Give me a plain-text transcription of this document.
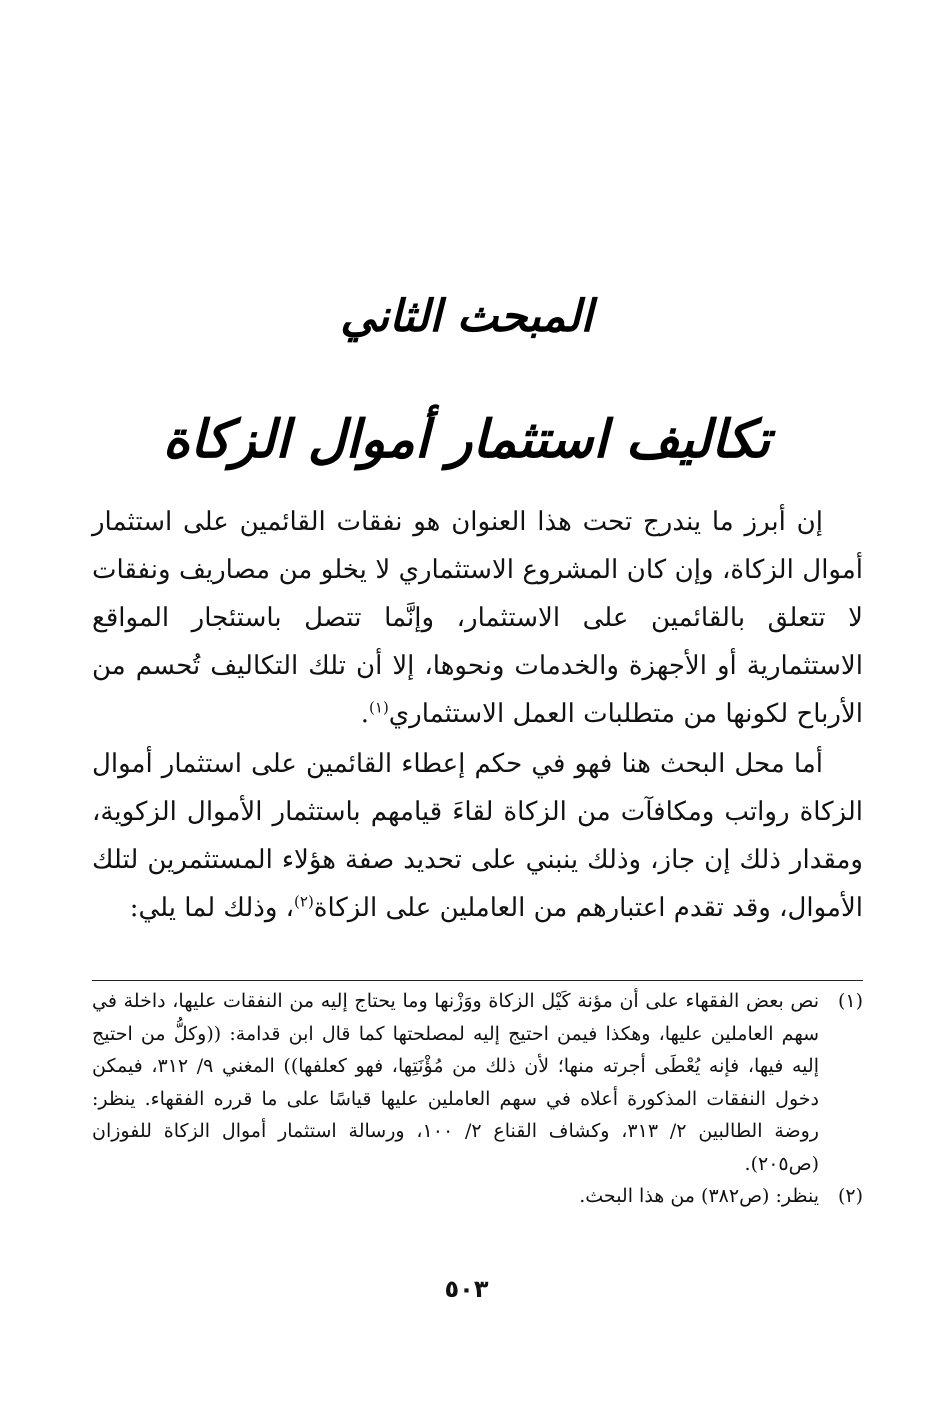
المبحث الثاني
تكاليف استثمار أموال الزكاة

إن أبرز ما يندرج تحت هذا العنوان هو نفقات القائمين على استثمار أموال الزكاة، وإن كان المشروع الاستثماري لا يخلو من مصاريف ونفقات لا تتعلق بالقائمين على الاستثمار، وإنَّما تتصل باستئجار المواقع الاستثمارية أو الأجهزة والخدمات ونحوها، إلا أن تلك التكاليف تُحسم من الأرباح لكونها من متطلبات العمل الاستثماري$^{(١)}$.

أما محل البحث هنا فهو في حكم إعطاء القائمين على استثمار أموال الزكاة رواتب ومكافآت من الزكاة لقاءَ قيامهم باستثمار الأموال الزكوية، ومقدار ذلك إن جاز، وذلك ينبني على تحديد صفة هؤلاء المستثمرين لتلك الأموال، وقد تقدم اعتبارهم من العاملين على الزكاة$^{(٢)}$، وذلك لما يلي:

(١)
نص بعض الفقهاء على أن مؤنة كَيْل الزكاة ووَزْنها وما يحتاج إليه من النفقات عليها، داخلة في سهم العاملين عليها، وهكذا فيمن احتيج إليه لمصلحتها كما قال ابن قدامة: ((وكلُّ من احتيج إليه فيها، فإنه يُعْطَى أجرته منها؛ لأن ذلك من مُؤْنَتِها، فهو كعلفها)) المغني ٩/ ٣١٢، فيمكن دخول النفقات المذكورة أعلاه في سهم العاملين عليها قياسًا على ما قرره الفقهاء. ينظر: روضة الطالبين ٢/ ٣١٣، وكشاف القناع ٢/ ١٠٠، ورسالة استثمار أموال الزكاة للفوزان (ص٢٠٥).

(٢)
ينظر: (ص٣٨٢) من هذا البحث.

٥٠٣
